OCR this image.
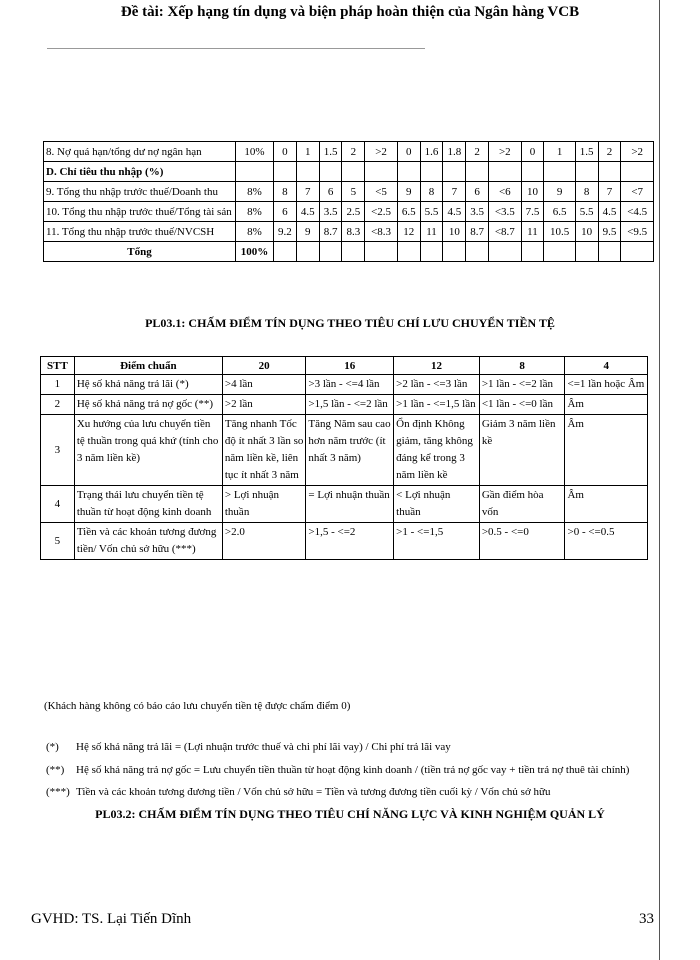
Đề tài: Xếp hạng tín dụng và biện pháp hoàn thiện của Ngân hàng VCB
8. Nợ quá hạn/tổng dư nợ ngân hạn	10%	0	1	1.5	2	>2	0	1.6	1.8	2	>2	0	1	1.5	2	>2
D. Chỉ tiêu thu nhập (%)																
9. Tổng thu nhập trước thuế/Doanh thu	8%	8	7	6	5	<5	9	8	7	6	<6	10	9	8	7	<7
10. Tổng thu nhập trước thuế/Tổng tài sản	8%	6	4.5	3.5	2.5	<2.5	6.5	5.5	4.5	3.5	<3.5	7.5	6.5	5.5	4.5	<4.5
11. Tổng thu nhập trước thuế/NVCSH	8%	9.2	9	8.7	8.3	<8.3	12	11	10	8.7	<8.7	11	10.5	10	9.5	<9.5
Tổng	100%															
PL03.1: CHẤM ĐIỂM TÍN DỤNG THEO TIÊU CHÍ LƯU CHUYỂN TIỀN TỆ
STT	Điểm chuẩn	20	16	12	8	4
1	Hệ số khả năng trả lãi (*)	>4 lần	>3 lần - <=4 lần	>2 lần - <=3 lần	>1 lần - <=2 lần	<=1 lần hoặc Âm
2	Hệ số khả năng trả nợ gốc (**)	>2 lần	>1,5 lần - <=2 lần	>1 lần - <=1,5 lần	<1 lần - <=0 lần	Âm
3	Xu hướng của lưu chuyển tiền tệ thuần trong quá khứ (tính cho 3 năm liền kề)	Tăng nhanh Tốc độ ít nhất 3 lần so năm liền kề, liên tục ít nhất 3 năm	Tăng Năm sau cao hơn năm trước (ít nhất 3 năm)	Ổn định Không giảm, tăng không đáng kể trong 3 năm liền kề	Giảm 3 năm liền kề	Âm
4	Trạng thái lưu chuyển tiền tệ thuần từ hoạt động kinh doanh	> Lợi nhuận thuần	= Lợi nhuận thuần	< Lợi nhuận thuần	Gần điểm hòa vốn	Âm
5	Tiền và các khoản tương đương tiền/ Vốn chủ sở hữu (***)	>2.0	>1,5 - <=2	>1 - <=1,5	>0.5 - <=0	>0 - <=0.5
(Khách hàng không có báo cáo lưu chuyển tiền tệ được chấm điểm 0)
(*) Hệ số khả năng trả lãi = (Lợi nhuận trước thuế và chi phí lãi vay) / Chi phí trả lãi vay
(**) Hệ số khả năng trả nợ gốc = Lưu chuyển tiền thuần từ hoạt động kinh doanh / (tiền trả nợ gốc vay + tiền trả nợ thuê tài chính)
(***) Tiền và các khoản tương đương tiền / Vốn chủ sở hữu = Tiền và tương đương tiền cuối kỳ / Vốn chủ sở hữu
PL03.2: CHẤM ĐIỂM TÍN DỤNG THEO TIÊU CHÍ NĂNG LỰC VÀ KINH NGHIỆM QUẢN LÝ
GVHD: TS. Lại Tiến Dĩnh	33
